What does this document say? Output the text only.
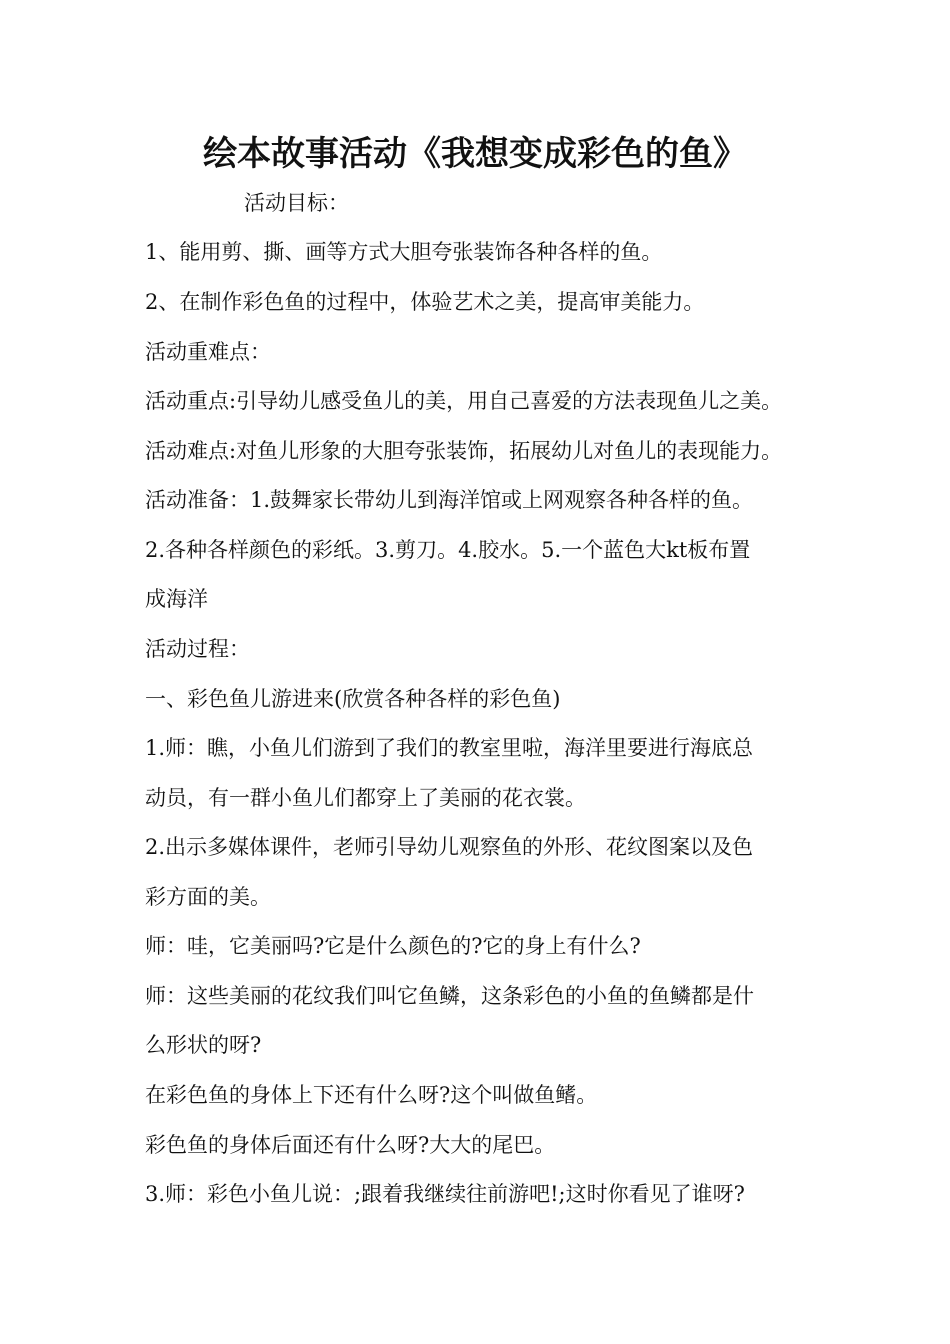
绘本故事活动《我想变成彩色的鱼》
活动目标：
1、能用剪、撕、画等方式大胆夸张装饰各种各样的鱼。
2、在制作彩色鱼的过程中，体验艺术之美，提高审美能力。
活动重难点：
活动重点:引导幼儿感受鱼儿的美，用自己喜爱的方法表现鱼儿之美。
活动难点:对鱼儿形象的大胆夸张装饰，拓展幼儿对鱼儿的表现能力。
活动准备：1.鼓舞家长带幼儿到海洋馆或上网观察各种各样的鱼。
2.各种各样颜色的彩纸。3.剪刀。4.胶水。5.一个蓝色大kt板布置
成海洋
活动过程：
一、彩色鱼儿游进来(欣赏各种各样的彩色鱼)
1.师：瞧，小鱼儿们游到了我们的教室里啦，海洋里要进行海底总
动员，有一群小鱼儿们都穿上了美丽的花衣裳。
2.出示多媒体课件，老师引导幼儿观察鱼的外形、花纹图案以及色
彩方面的美。
师：哇，它美丽吗?它是什么颜色的?它的身上有什么?
师：这些美丽的花纹我们叫它鱼鳞，这条彩色的小鱼的鱼鳞都是什
么形状的呀?
在彩色鱼的身体上下还有什么呀?这个叫做鱼鳍。
彩色鱼的身体后面还有什么呀?大大的尾巴。
3.师：彩色小鱼儿说：;跟着我继续往前游吧!;这时你看见了谁呀?
